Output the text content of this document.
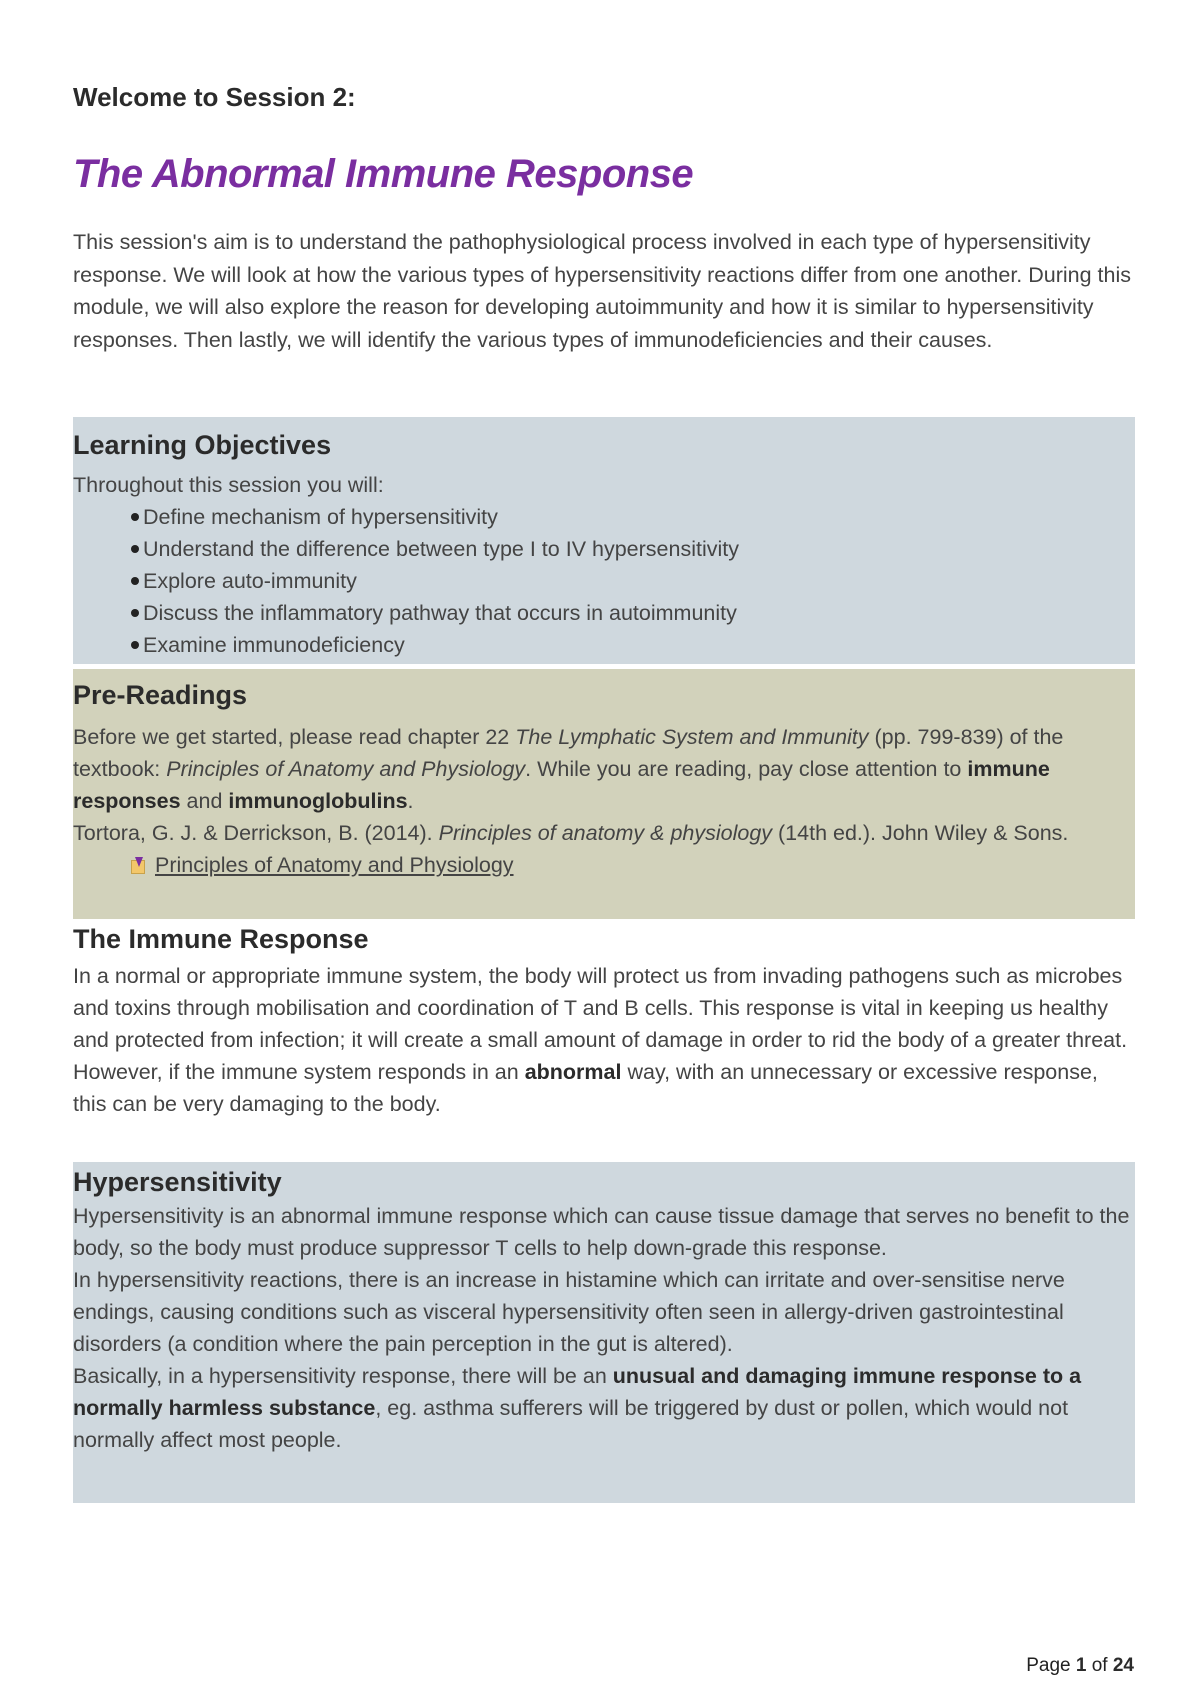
Welcome to Session 2:
The Abnormal Immune Response

This session's aim is to understand the pathophysiological process involved in each type of hypersensitivity response. We will look at how the various types of hypersensitivity reactions differ from one another. During this module, we will also explore the reason for developing autoimmunity and how it is similar to hypersensitivity responses. Then lastly, we will identify the various types of immunodeficiencies and their causes.

Learning Objectives

Throughout this session you will:

Define mechanism of hypersensitivity
Understand the difference between type I to IV hypersensitivity
Explore auto-immunity
Discuss the inflammatory pathway that occurs in autoimmunity
Examine immunodeficiency
Pre-Readings

Before we get started, please read chapter 22 The Lymphatic System and Immunity (pp. 799-839) of the textbook: Principles of Anatomy and Physiology. While you are reading, pay close attention to immune responses and immunoglobulins.

Tortora, G. J. & Derrickson, B. (2014). Principles of anatomy & physiology (14th ed.). John Wiley & Sons.

Principles of Anatomy and Physiology
The Immune Response

In a normal or appropriate immune system, the body will protect us from invading pathogens such as microbes and toxins through mobilisation and coordination of T and B cells. This response is vital in keeping us healthy and protected from infection; it will create a small amount of damage in order to rid the body of a greater threat.

However, if the immune system responds in an abnormal way, with an unnecessary or excessive response, this can be very damaging to the body.

Hypersensitivity

Hypersensitivity is an abnormal immune response which can cause tissue damage that serves no benefit to the body, so the body must produce suppressor T cells to help down-grade this response.

In hypersensitivity reactions, there is an increase in histamine which can irritate and over-sensitise nerve endings, causing conditions such as visceral hypersensitivity often seen in allergy-driven gastrointestinal disorders (a condition where the pain perception in the gut is altered).

Basically, in a hypersensitivity response, there will be an unusual and damaging immune response to a normally harmless substance, eg. asthma sufferers will be triggered by dust or pollen, which would not normally affect most people.

Page 1 of 24
